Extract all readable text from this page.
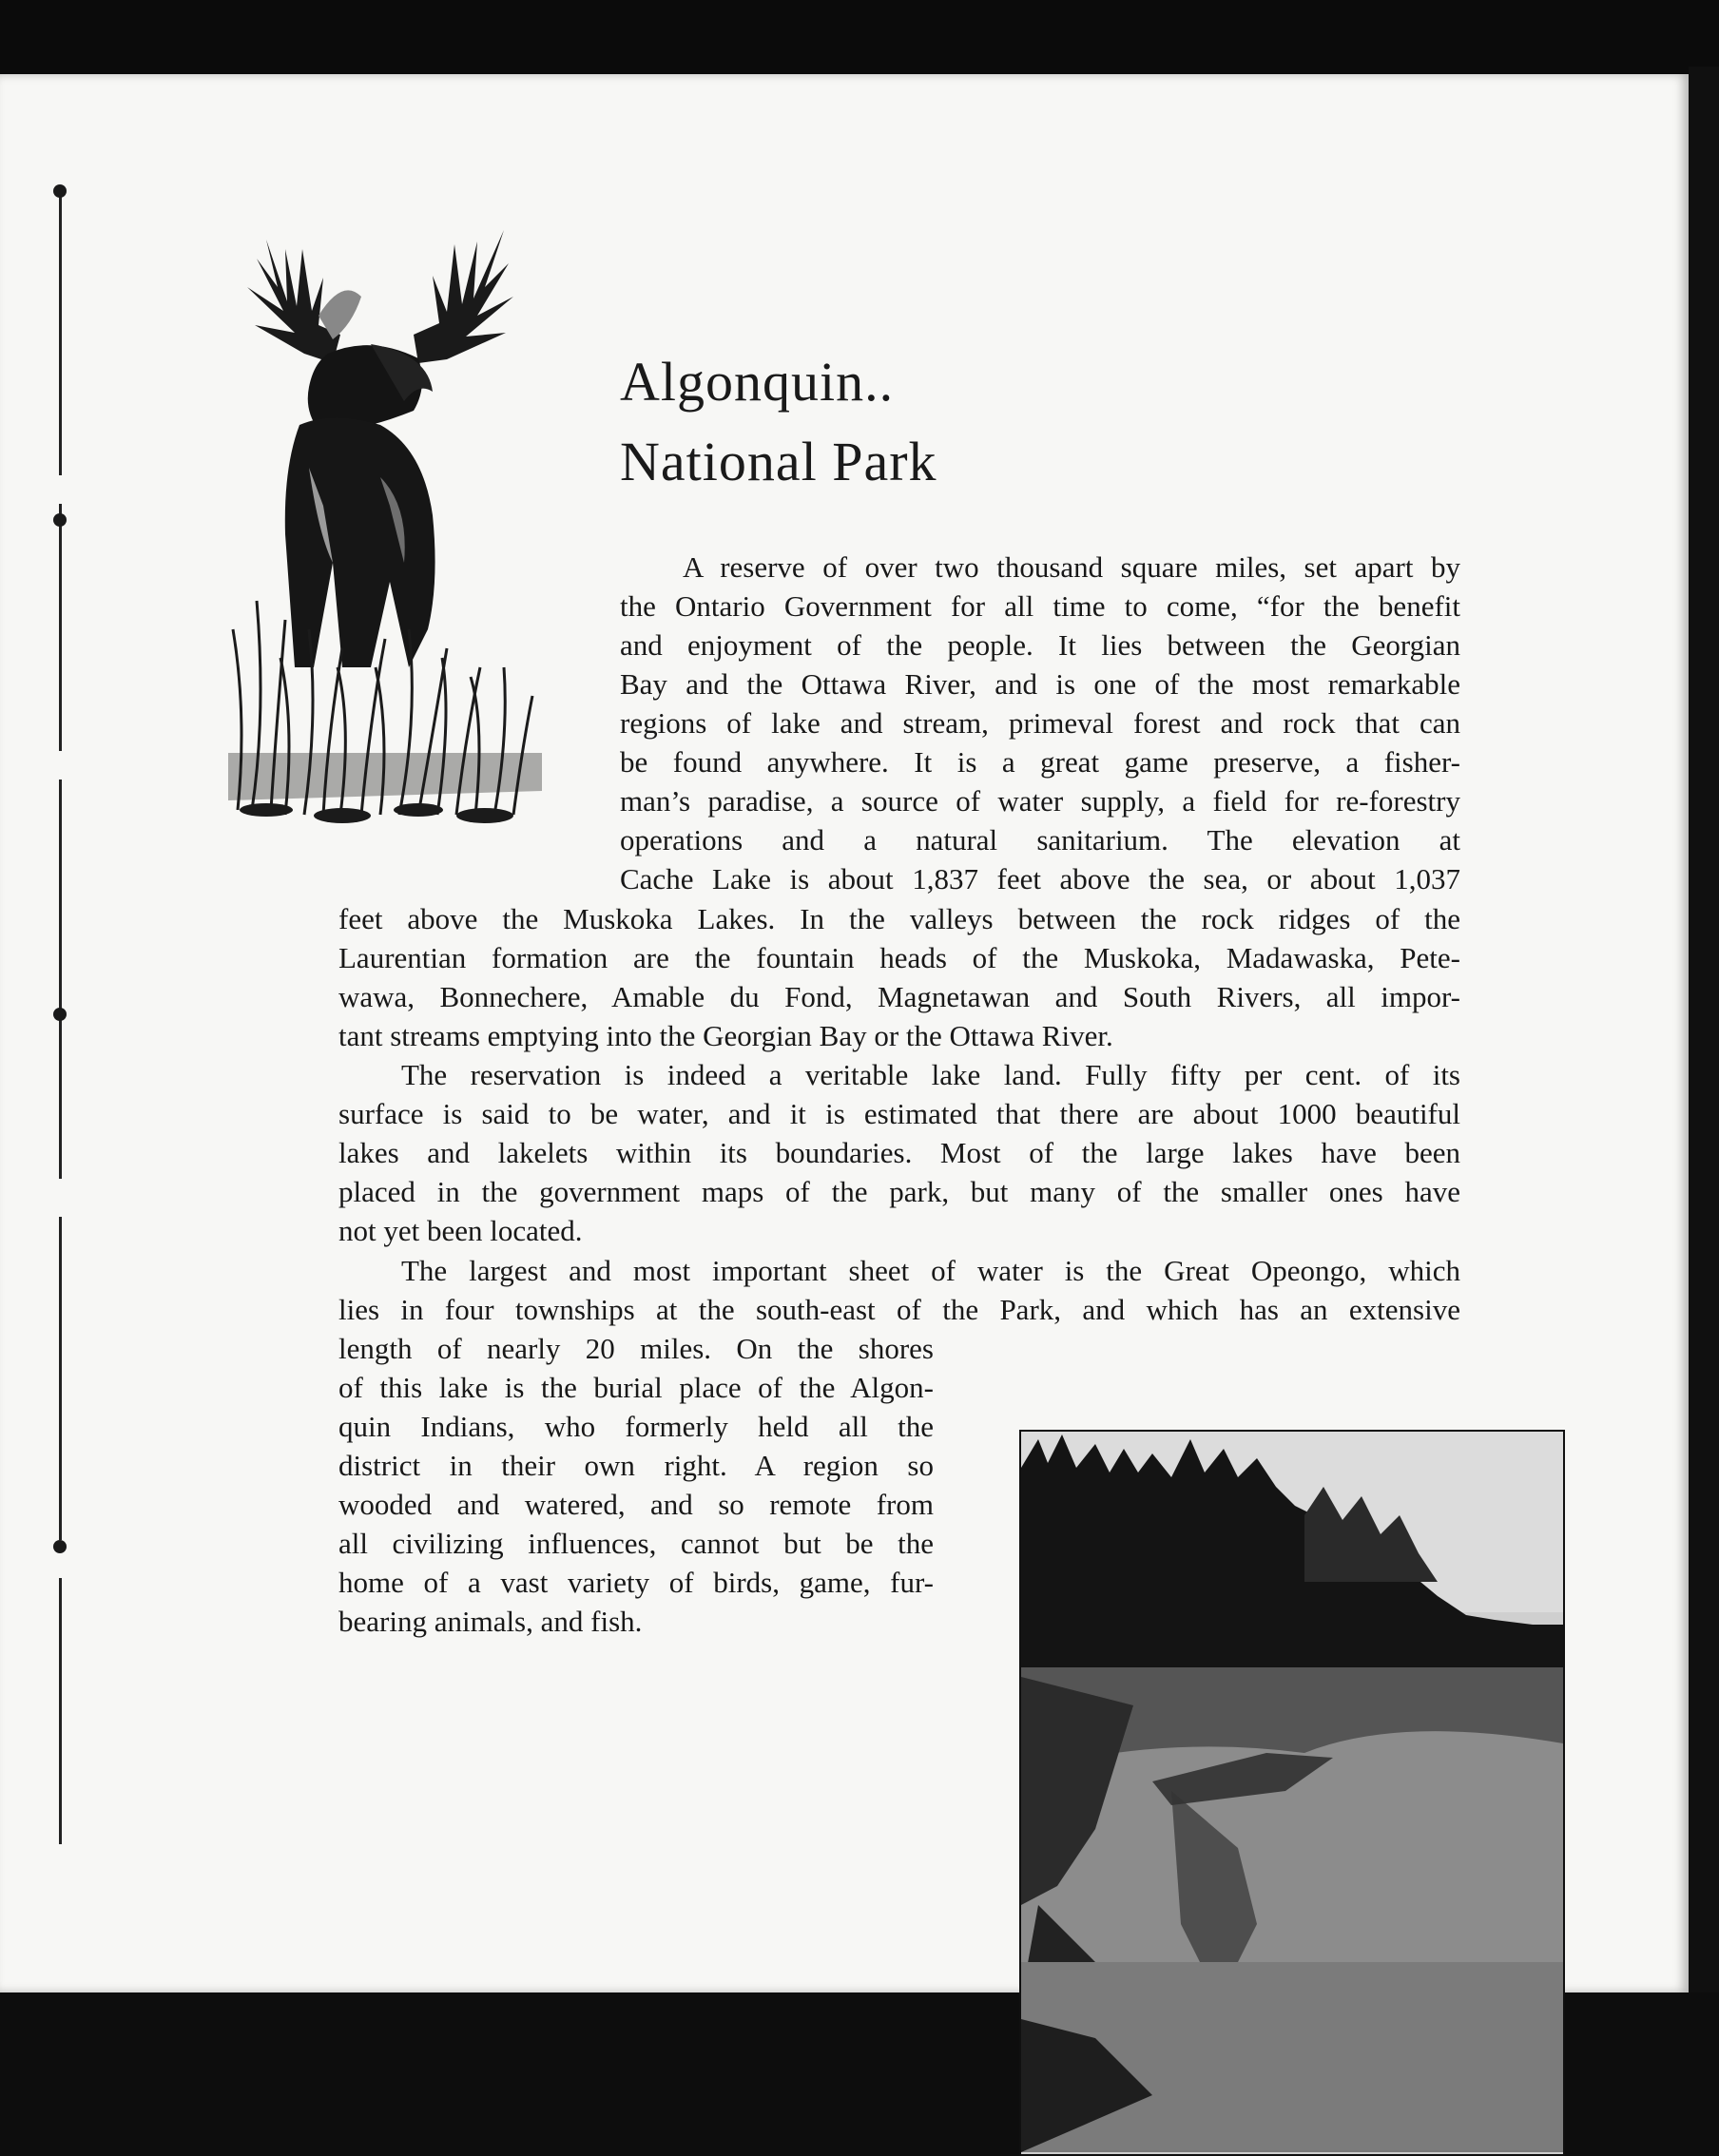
Algonquin..
National Park
A reserve of over two thousand square miles, set apart by
the Ontario Government for all time to come, “for the benefit
and enjoyment of the people. It lies between the Georgian
Bay and the Ottawa River, and is one of the most remarkable
regions of lake and stream, primeval forest and rock that can
be found anywhere. It is a great game preserve, a fisher-
man’s paradise, a source of water supply, a field for re-forestry
operations and a natural sanitarium. The elevation at
Cache Lake is about 1,837 feet above the sea, or about 1,037
feet above the Muskoka Lakes. In the valleys between the rock ridges of the
Laurentian formation are the fountain heads of the Muskoka, Madawaska, Pete-
wawa, Bonnechere, Amable du Fond, Magnetawan and South Rivers, all impor-
tant streams emptying into the Georgian Bay or the Ottawa River.
The reservation is indeed a veritable lake land. Fully fifty per cent. of its
surface is said to be water, and it is estimated that there are about 1000 beautiful
lakes and lakelets within its boundaries. Most of the large lakes have been
placed in the government maps of the park, but many of the smaller ones have
not yet been located.
The largest and most important sheet of water is the Great Opeongo, which
lies in four townships at the south-east of the Park, and which has an extensive
length of nearly 20 miles. On the shores
of this lake is the burial place of the Algon-
quin Indians, who formerly held all the
district in their own right. A region so
wooded and watered, and so remote from
all civilizing influences, cannot but be the
home of a vast variety of birds, game, fur-
bearing animals, and fish.
